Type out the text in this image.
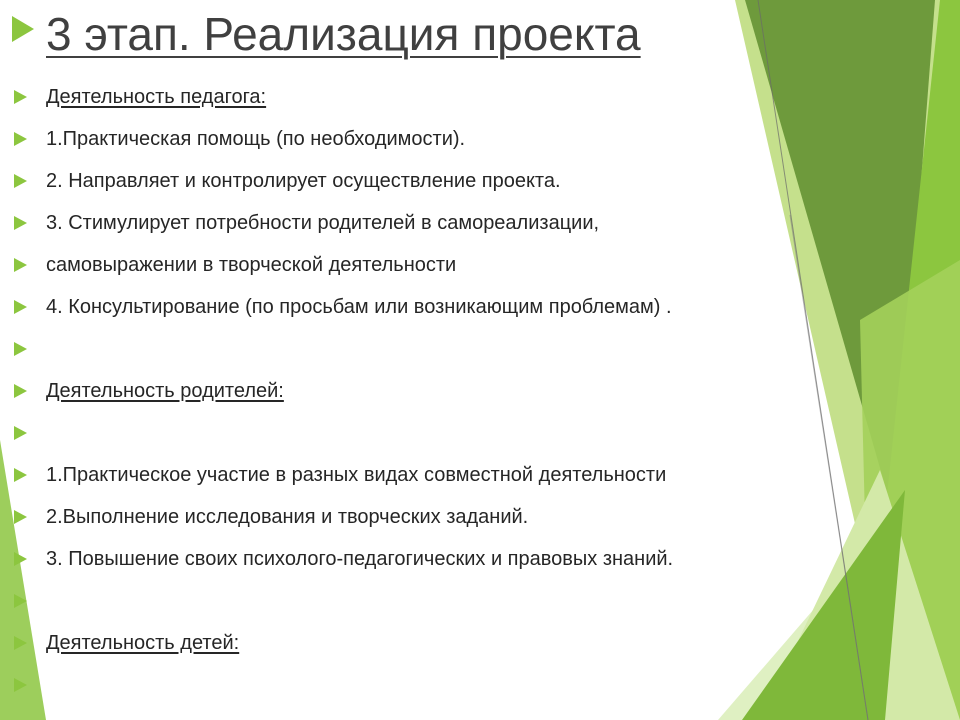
3 этап. Реализация проекта
Деятельность педагога:
1.Практическая помощь (по необходимости).
2. Направляет и контролирует осуществление проекта.
3. Стимулирует потребности родителей в самореализации,
самовыражении в творческой деятельности
4. Консультирование (по просьбам или возникающим проблемам) .
Деятельность родителей:
1.Практическое участие в разных видах совместной деятельности
2.Выполнение исследования и творческих заданий.
3. Повышение своих психолого-педагогических и правовых знаний.
Деятельность детей:
